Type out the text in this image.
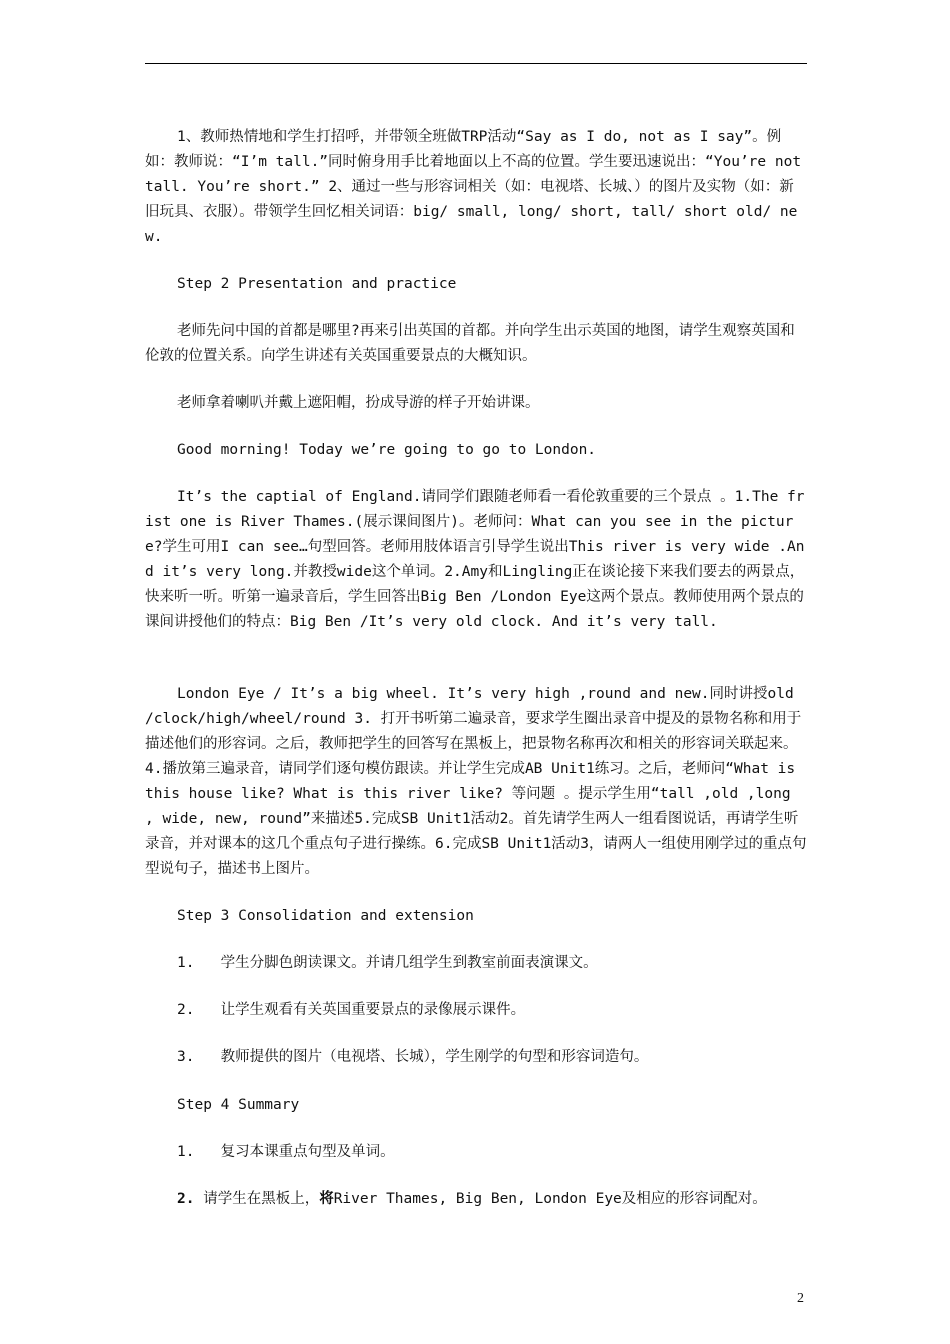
1、教师热情地和学生打招呼，并带领全班做TRP活动“Say as I do, not as I say”。例如：教师说：“I’m tall.”同时俯身用手比着地面以上不高的位置。学生要迅速说出：“You’re not tall. You’re short.” 2、通过一些与形容词相关（如：电视塔、长城、）的图片及实物（如：新旧玩具、衣服）。带领学生回忆相关词语：big/ small, long/ short, tall/ short old/ new.

Step 2 Presentation and practice

老师先问中国的首都是哪里?再来引出英国的首都。并向学生出示英国的地图，请学生观察英国和伦敦的位置关系。向学生讲述有关英国重要景点的大概知识。

老师拿着喇叭并戴上遮阳帽，扮成导游的样子开始讲课。

Good morning! Today we’re going to go to London.

It’s the captial of England.请同学们跟随老师看一看伦敦重要的三个景点 。1.The frist one is River Thames.(展示课间图片)。老师问：What can you see in the picture?学生可用I can see…句型回答。老师用肢体语言引导学生说出This river is very wide .And it’s very long.并教授wide这个单词。2.Amy和Lingling正在谈论接下来我们要去的两景点，快来听一听。听第一遍录音后，学生回答出Big Ben /London Eye这两个景点。教师使用两个景点的课间讲授他们的特点：Big Ben /It’s very old clock. And it’s very tall.

London Eye / It’s a big wheel. It’s very high ,round and new.同时讲授old /clock/high/wheel/round 3. 打开书听第二遍录音，要求学生圈出录音中提及的景物名称和用于描述他们的形容词。之后，教师把学生的回答写在黑板上，把景物名称再次和相关的形容词关联起来。4.播放第三遍录音，请同学们逐句模仿跟读。并让学生完成AB Unit1练习。之后，老师问“What is this house like? What is this river like? 等问题 。提示学生用“tall ,old ,long , wide, new, round”来描述5.完成SB Unit1活动2。首先请学生两人一组看图说话，再请学生听录音，并对课本的这几个重点句子进行操练。6.完成SB Unit1活动3，请两人一组使用刚学过的重点句型说句子，描述书上图片。

Step 3 Consolidation and extension

1.   学生分脚色朗读课文。并请几组学生到教室前面表演课文。

2.   让学生观看有关英国重要景点的录像展示课件。

3.   教师提供的图片（电视塔、长城），学生刚学的句型和形容词造句。

Step 4 Summary

1.   复习本课重点句型及单词。

2. 请学生在黑板上，将River Thames, Big Ben, London Eye及相应的形容词配对。

2
